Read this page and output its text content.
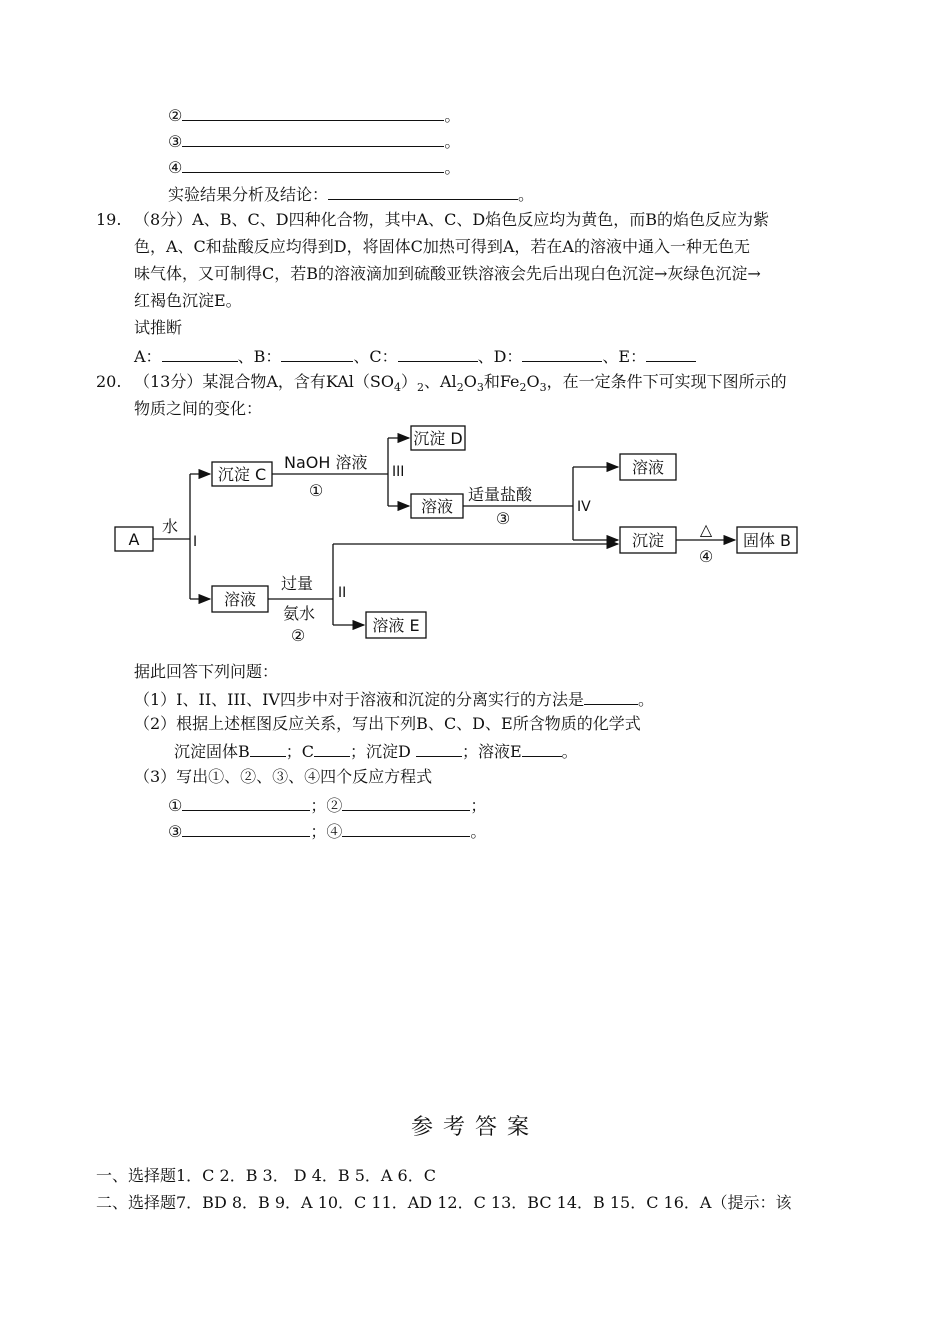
②	。
③	。
④	。
实验结果分析及结论：	。
19. （8分）A、B、C、D四种化合物，其中A、C、D焰色反应均为黄色，而B的焰色反应为紫
色，A、C和盐酸反应均得到D，将固体C加热可得到A，若在A的溶液中通入一种无色无
味气体，又可制得C，若B的溶液滴加到硫酸亚铁溶液会先后出现白色沉淀→灰绿色沉淀→
红褐色沉淀E。
试推断
A：	、B：	、C：	、D：	、E：
20. （13分）某混合物A，含有$KAl(SO_4)_2$、$Al_2O_3$和$Fe_2O_3$，在一定条件下可实现下图所示的
物质之间的变化：
A
沉淀 C
沉淀 D
溶液
溶液
沉淀	固体 B
溶液
溶液 E
水
I
NaOH 溶液
①
III
适量盐酸
③
IV
△
④
过量
氨水
②
II
据此回答下列问题：
（1）I、II、III、IV四步中对于溶液和沉淀的分离实行的方法是	。
（2）根据上述框图反应关系，写出下列B、C、D、E所含物质的化学式
沉淀固体B ；C ；沉淀D	；溶液E	。
（3）写出①、②、③、④四个反应方程式
①	；②	；
③	；④	。
参考答案
一、选择题1．C 2．B 3． D 4．B 5．A 6．C
二、选择题7．BD 8．B 9．A 10．C 11．AD 12．C 13．BC 14．B 15．C 16．A（提示：该
